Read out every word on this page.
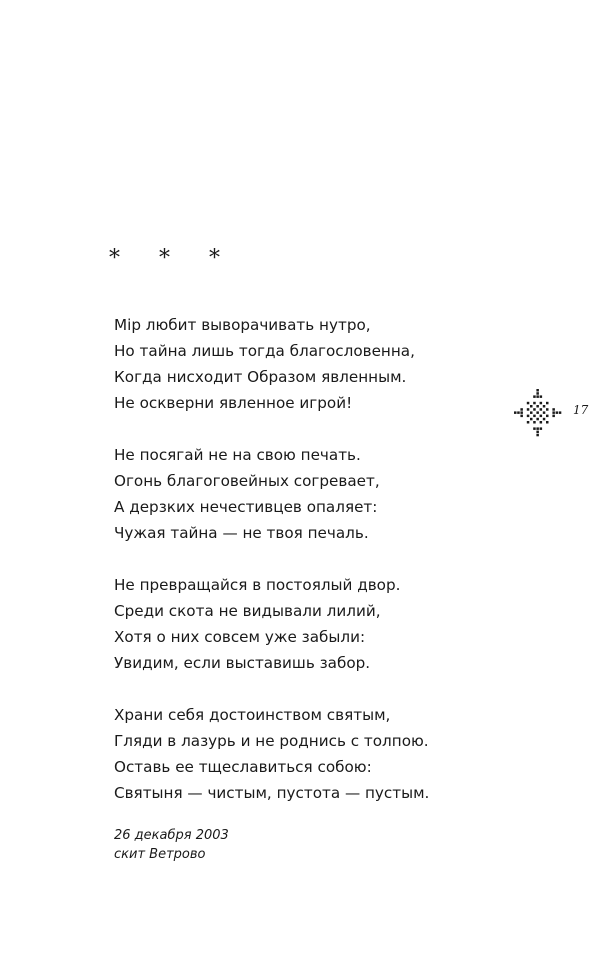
* * *
Mip любит выворачивать нутро,
Но тайна лишь тогда благословенна,
Когда нисходит Образом явленным.
Не оскверни явленное игрой!
Не посягай не на свою печать.
Огонь благоговейных согревает,
А дерзких нечестивцев опаляет:
Чужая тайна — не твоя печаль.
Не превращайся в постоялый двор.
Среди скота не видывали лилий,
Хотя о них совсем уже забыли:
Увидим, если выставишь забор.
Храни себя достоинством святым,
Гляди в лазурь и не роднись с толпою.
Оставь ее тщеславиться собою:
Святыня — чистым, пустота — пустым.
26 декабря 2003
скит Ветрово
17
